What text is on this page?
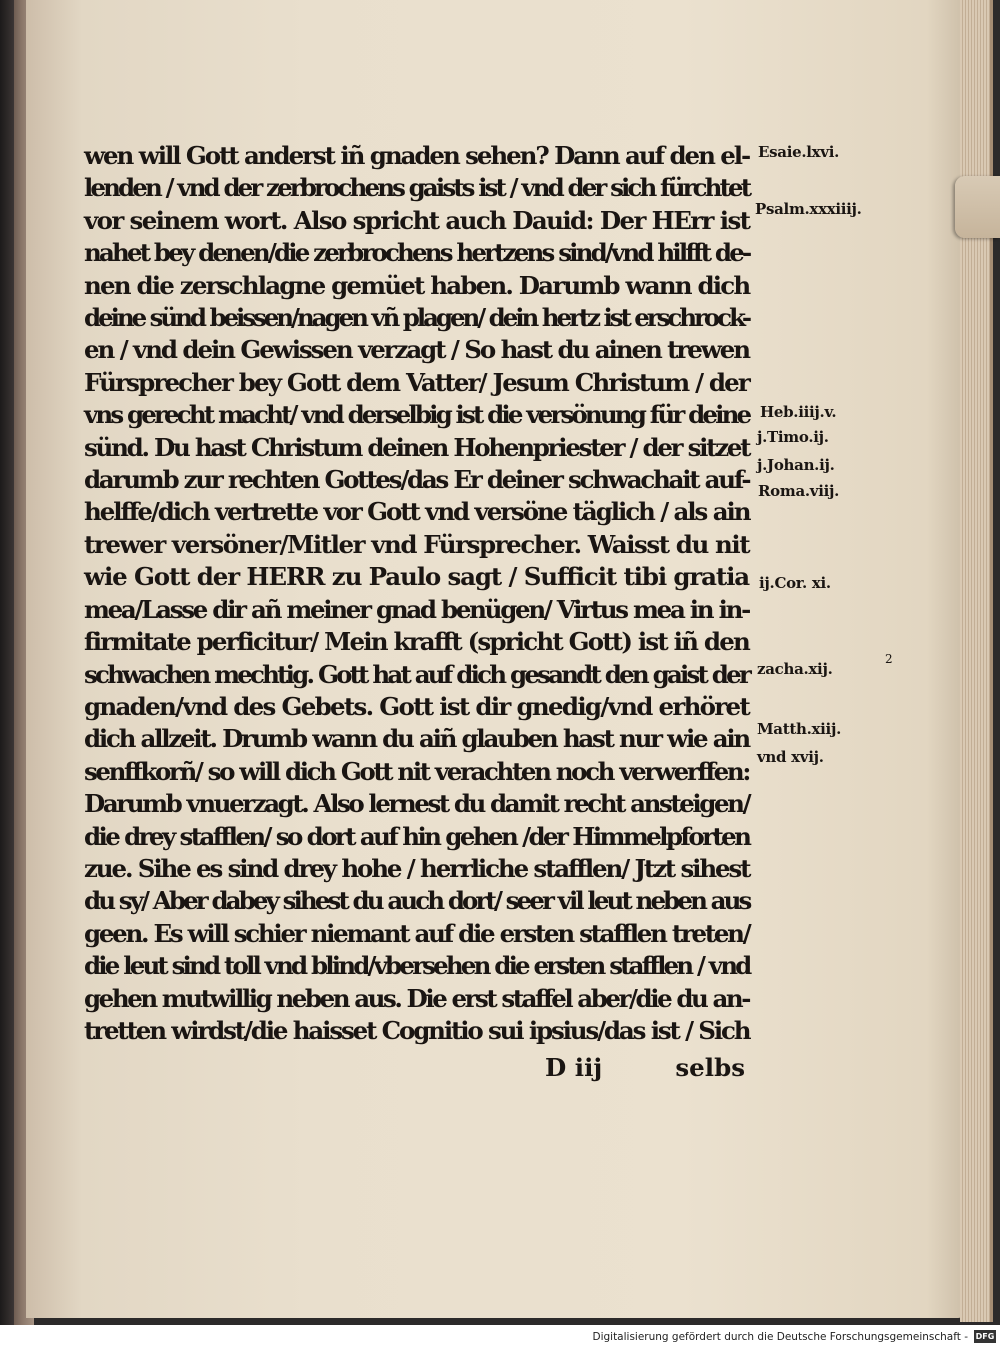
wen will Gott anderst iñ gnaden sehen? Dann auf den el-
lenden / vnd der zerbrochens gaists ist / vnd der sich fürchtet
vor seinem wort. Also spricht auch Dauid: Der HErr ist
nahet bey denen/die zerbrochens hertzens sind/vnd hilfft de-
nen die zerschlagne gemüet haben. Darumb wann dich
deine sünd beissen/nagen vñ plagen/ dein hertz ist erschrock-
en / vnd dein Gewissen verzagt / So hast du ainen trewen
Fürsprecher bey Gott dem Vatter/ Jesum Christum / der
vns gerecht macht/ vnd derselbig ist die versönung für deine
sünd. Du hast Christum deinen Hohenpriester / der sitzet
darumb zur rechten Gottes/das Er deiner schwachait auf-
helffe/dich vertrette vor Gott vnd versöne täglich / als ain
trewer versöner/Mitler vnd Fürsprecher. Waisst du nit
wie Gott der HERR zu Paulo sagt / Sufficit tibi gratia
mea/Lasse dir añ meiner gnad benügen/ Virtus mea in in-
firmitate perficitur/ Mein krafft (spricht Gott) ist iñ den
schwachen mechtig. Gott hat auf dich gesandt den gaist der
gnaden/vnd des Gebets. Gott ist dir gnedig/vnd erhöret
dich allzeit. Drumb wann du aiñ glauben hast nur wie ain
senffkorñ/ so will dich Gott nit verachten noch verwerffen:
Darumb vnuerzagt. Also lernest du damit recht ansteigen/
die drey stafflen/ so dort auf hin gehen /der Himmelpforten
zue. Sihe es sind drey hohe / herrliche stafflen/ Jtzt sihest
du sy/ Aber dabey sihest du auch dort/ seer vil leut neben aus
geen. Es will schier niemant auf die ersten stafflen treten/
die leut sind toll vnd blind/vbersehen die ersten stafflen / vnd
gehen mutwillig neben aus. Die erst staffel aber/die du an-
tretten wirdst/die haisset Cognitio sui ipsius/das ist / Sich
D iij	selbs
Esaie.lxvi.
Psalm.xxxiiij.
Heb.iiij.v.
j.Timo.ij.
j.Johan.ij.
Roma.viij.
ij.Cor. xi.
zacha.xij.
Matth.xiij.
vnd xvij.
2
Digitalisierung gefördert durch die Deutsche Forschungsgemeinschaft - DFG
